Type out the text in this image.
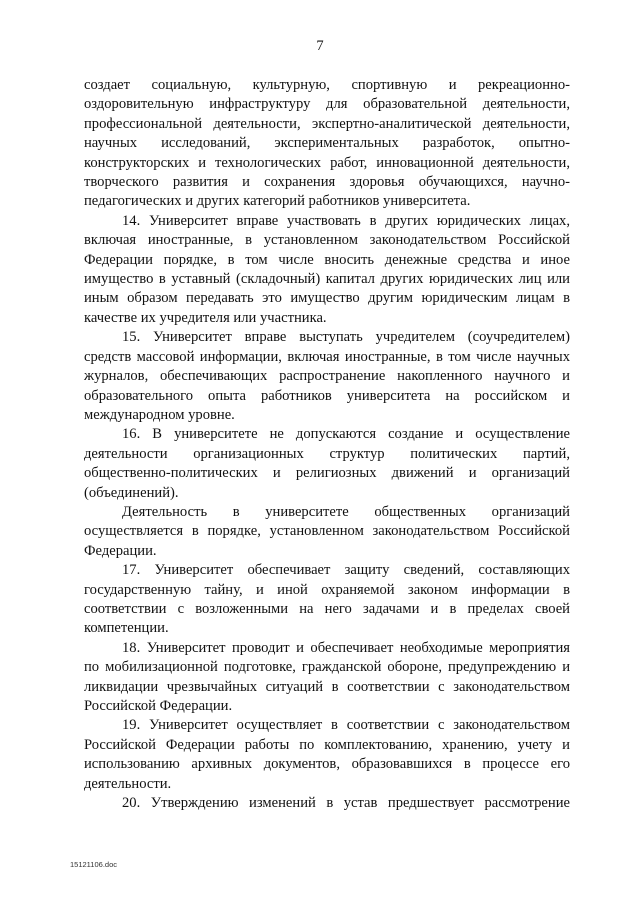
7

создает социальную, культурную, спортивную и рекреационно-оздоровительную инфраструктуру для образовательной деятельности, профессиональной деятельности, экспертно-аналитической деятельности, научных исследований, экспериментальных разработок, опытно-конструкторских и технологических работ, инновационной деятельности, творческого развития и сохранения здоровья обучающихся, научно-педагогических и других категорий работников университета.

14. Университет вправе участвовать в других юридических лицах, включая иностранные, в установленном законодательством Российской Федерации порядке, в том числе вносить денежные средства и иное имущество в уставный (складочный) капитал других юридических лиц или иным образом передавать это имущество другим юридическим лицам в качестве их учредителя или участника.

15. Университет вправе выступать учредителем (соучредителем) средств массовой информации, включая иностранные, в том числе научных журналов, обеспечивающих распространение накопленного научного и образовательного опыта работников университета на российском и международном уровне.

16. В университете не допускаются создание и осуществление деятельности организационных структур политических партий, общественно-политических и религиозных движений и организаций (объединений).

Деятельность в университете общественных организаций осуществляется в порядке, установленном законодательством Российской Федерации.

17. Университет обеспечивает защиту сведений, составляющих государственную тайну, и иной охраняемой законом информации в соответствии с возложенными на него задачами и в пределах своей компетенции.

18. Университет проводит и обеспечивает необходимые мероприятия по мобилизационной подготовке, гражданской обороне, предупреждению и ликвидации чрезвычайных ситуаций в соответствии с законодательством Российской Федерации.

19. Университет осуществляет в соответствии с законодательством Российской Федерации работы по комплектованию, хранению, учету и использованию архивных документов, образовавшихся в процессе его деятельности.

20. Утверждению изменений в устав предшествует рассмотрение

15121106.doc
